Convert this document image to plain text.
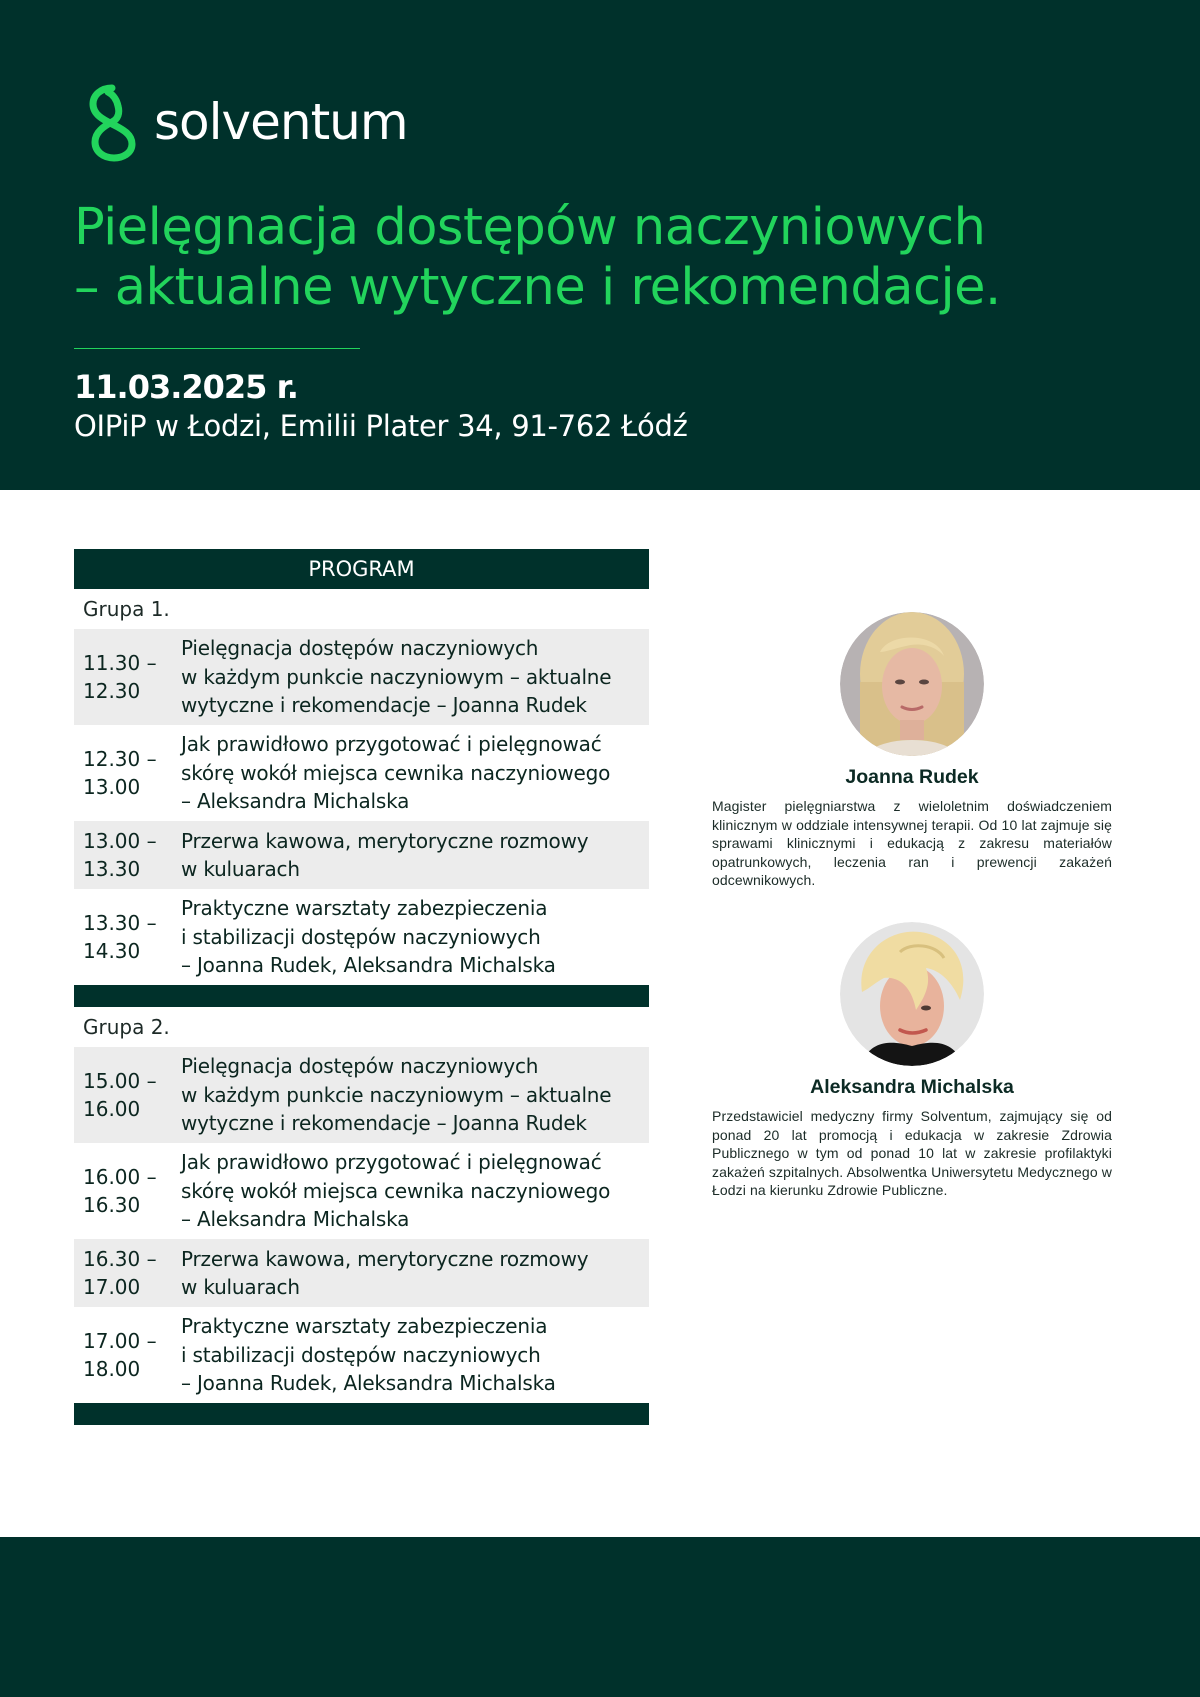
solventum
Pielęgnacja dostępów naczyniowych
– aktualne wytyczne i rekomendacje.
11.03.2025 r.
OIPiP w Łodzi, Emilii Plater 34, 91-762 Łódź
PROGRAM
Grupa 1.
11.30 –
12.30
Pielęgnacja dostępów naczyniowych
w każdym punkcie naczyniowym – aktualne
wytyczne i rekomendacje – Joanna Rudek
12.30 –
13.00
Jak prawidłowo przygotować i pielęgnować
skórę wokół miejsca cewnika naczyniowego
– Aleksandra Michalska
13.00 –
13.30
Przerwa kawowa, merytoryczne rozmowy
w kuluarach
13.30 –
14.30
Praktyczne warsztaty zabezpieczenia
i stabilizacji dostępów naczyniowych
– Joanna Rudek, Aleksandra Michalska
Grupa 2.
15.00 –
16.00
Pielęgnacja dostępów naczyniowych
w każdym punkcie naczyniowym – aktualne
wytyczne i rekomendacje – Joanna Rudek
16.00 –
16.30
Jak prawidłowo przygotować i pielęgnować
skórę wokół miejsca cewnika naczyniowego
– Aleksandra Michalska
16.30 –
17.00
Przerwa kawowa, merytoryczne rozmowy
w kuluarach
17.00 –
18.00
Praktyczne warsztaty zabezpieczenia
i stabilizacji dostępów naczyniowych
– Joanna Rudek, Aleksandra Michalska
Joanna Rudek
Magister pielęgniarstwa z wieloletnim doświadczeniem klinicznym w oddziale intensywnej terapii. Od 10 lat zajmuje się sprawami klinicznymi i edukacją z zakresu materiałów opatrunkowych, leczenia ran i prewencji zakażeń odcewnikowych.
Aleksandra Michalska
Przedstawiciel medyczny firmy Solventum, zajmujący się od ponad 20 lat promocją i edukacja w zakresie Zdrowia Publicznego w tym od ponad 10 lat w zakresie profilaktyki zakażeń szpitalnych. Absolwentka Uniwersytetu Medycznego w Łodzi na kierunku Zdrowie Publiczne.
